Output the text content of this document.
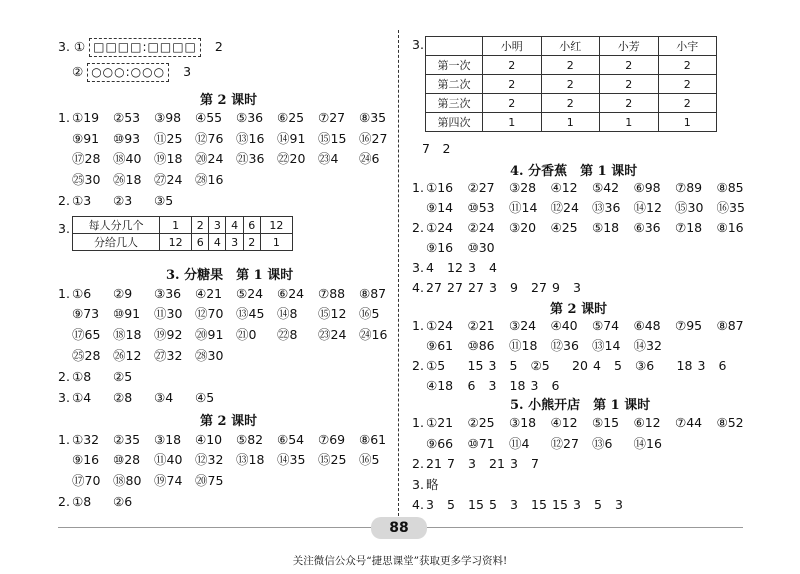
3. ① □□□□:□□□□ 2
② ○○○:○○○ 3
第 2 课时
1. ①19 ②53 ③98 ④55 ⑤36 ⑥25 ⑦27 ⑧35
⑨91 ⑩93 ⑪25 ⑫76 ⑬16 ⑭91 ⑮15 ⑯27
⑰28 ⑱40 ⑲18 ⑳24 ㉑36 ㉒20 ㉓4 ㉔6
㉕30 ㉖18 ㉗24 ㉘16
2. ①3 ②3 ③5
3. 每人分几个	1	2	3	4	6	12
分给几人	12	6	4	3	2	1
3. 分糖果　第 1 课时
1. ①6 ②9 ③36 ④21 ⑤24 ⑥24 ⑦88 ⑧87
⑨73 ⑩91 ⑪30 ⑫70 ⑬45 ⑭8 ⑮12 ⑯5
⑰65 ⑱18 ⑲92 ⑳91 ㉑0 ㉒8 ㉓24 ㉔16
㉕28 ㉖12 ㉗32 ㉘30
2. ①8 ②5
3. ①4 ②8 ③4 ④5
第 2 课时
1. ①32 ②35 ③18 ④10 ⑤82 ⑥54 ⑦69 ⑧61
⑨16 ⑩28 ⑪40 ⑫32 ⑬18 ⑭35 ⑮25 ⑯5
⑰70 ⑱80 ⑲74 ⑳75
2. ①8 ②6
3.
		小明	小红	小芳	小宇
第一次	2	2	2	2
第二次	2	2	2	2
第三次	2	2	2	2
第四次	1	1	1	1
7　2
4. 分香蕉　第 1 课时
1. ①16 ②27 ③28 ④12 ⑤42 ⑥98 ⑦89 ⑧85
⑨14 ⑩53 ⑪14 ⑫24 ⑬36 ⑭12 ⑮30 ⑯35
2. ①24 ②24 ③20 ④25 ⑤18 ⑥36 ⑦18 ⑧16
⑨16 ⑩30
3. 4 12 3 4
4. 27 27 27 3 9 27 9 3
第 2 课时
1. ①24 ②21 ③24 ④40 ⑤74 ⑥48 ⑦95 ⑧87
⑨61 ⑩86 ⑪18 ⑫36 ⑬14 ⑭32
2. ①5 15 3 5 ②5 20 4 5 ③6 18 3 6
④18 6 3 18 3 6
5. 小熊开店　第 1 课时
1. ①21 ②25 ③18 ④12 ⑤15 ⑥12 ⑦44 ⑧52
⑨66 ⑩71 ⑪4 ⑫27 ⑬6 ⑭16
2. 21 7 3 21 3 7
3. 略
4. 3 5 15 5 3 15 15 3 5 3
88
关注微信公众号“捷思课堂”获取更多学习资料!
